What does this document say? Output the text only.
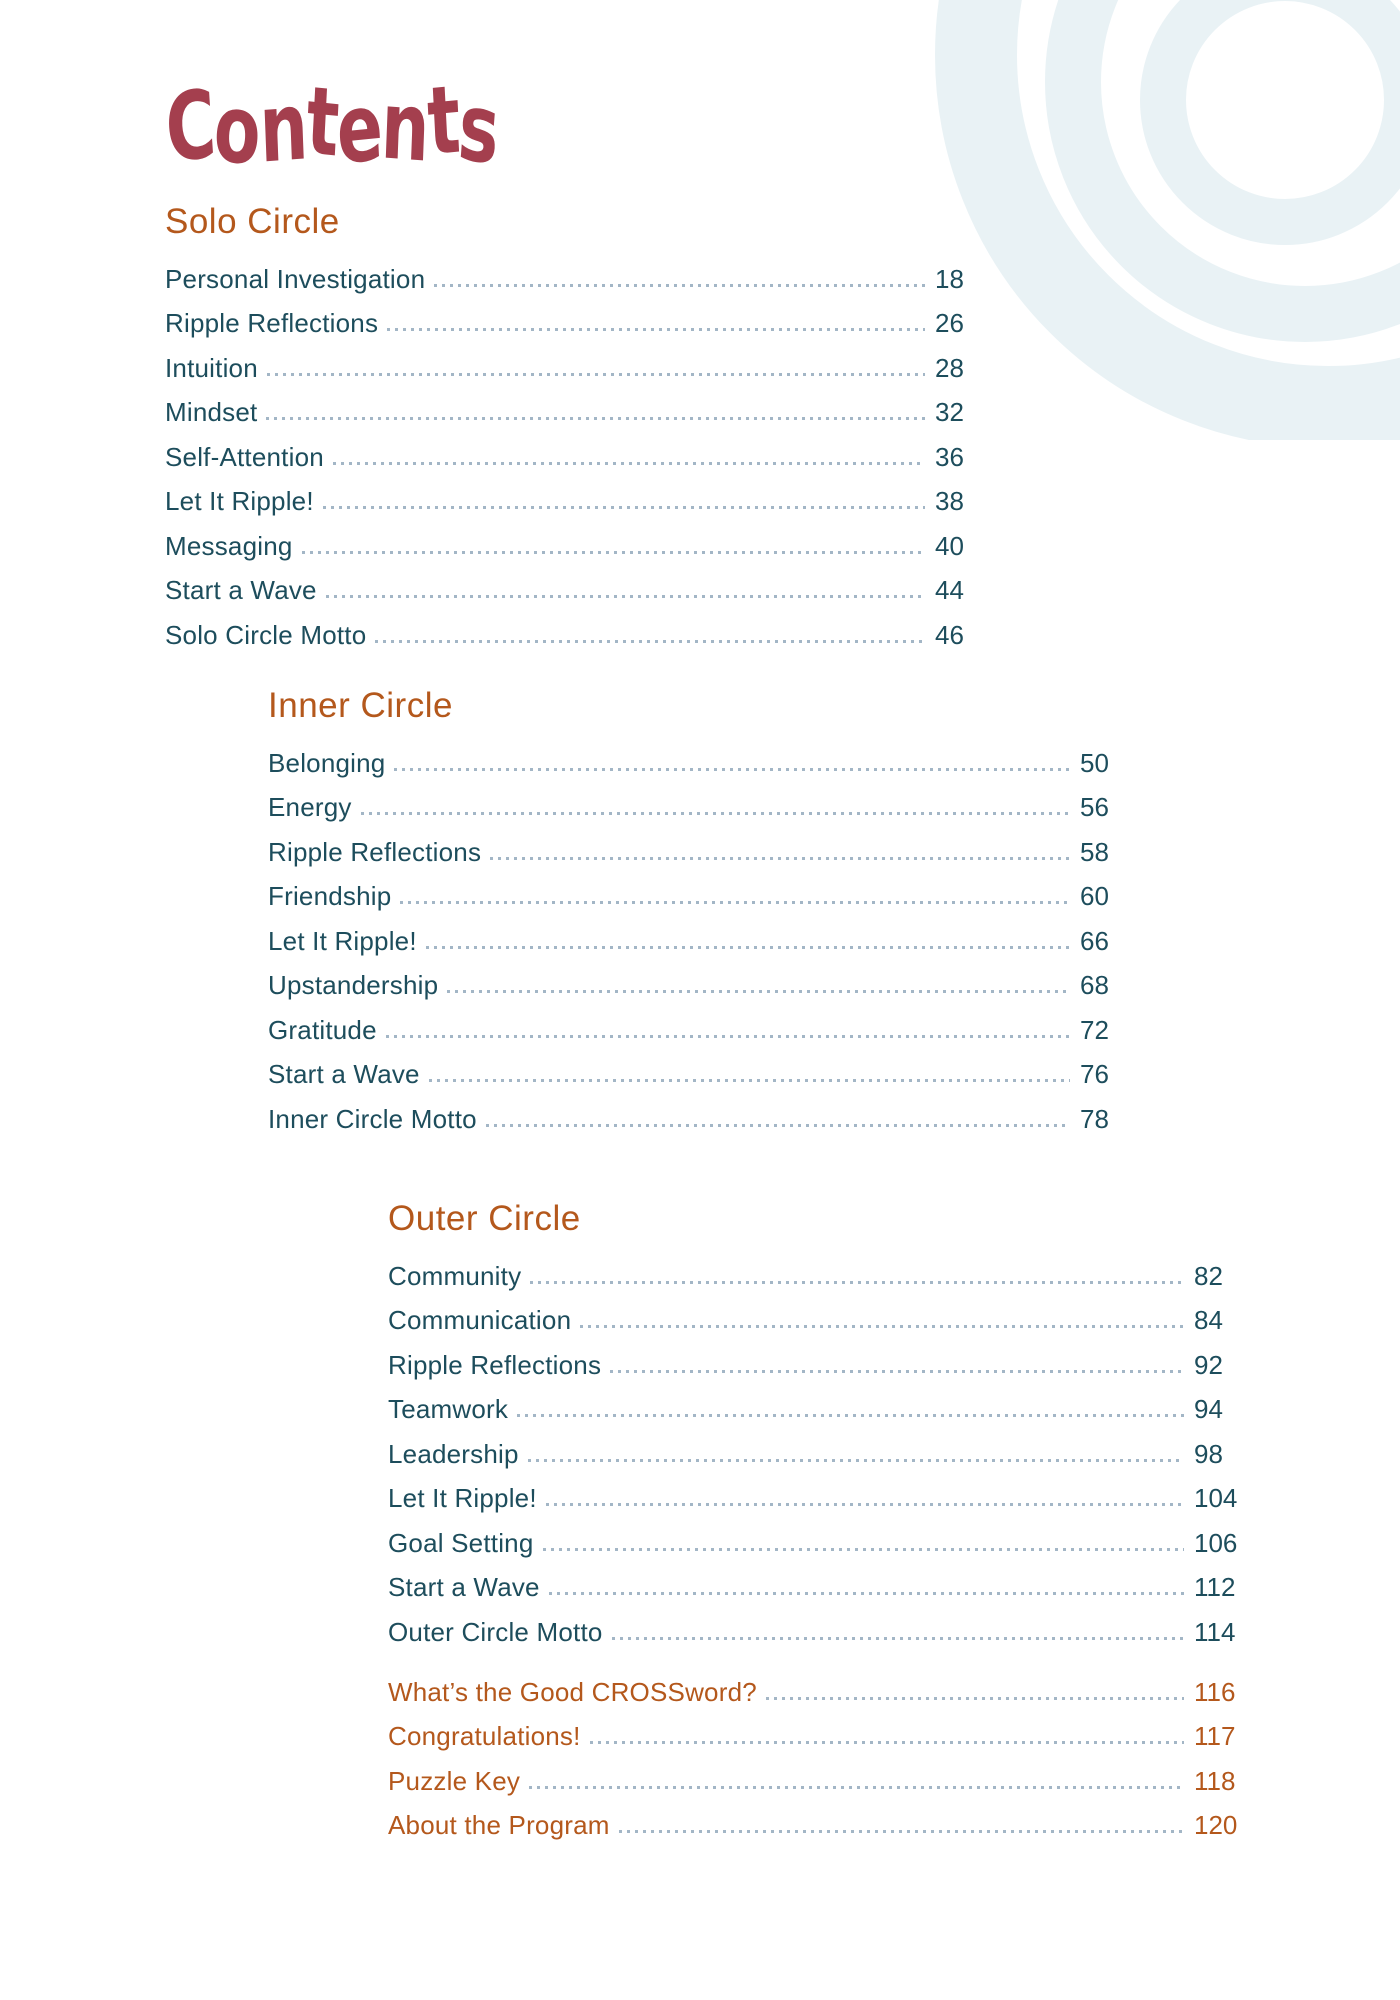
Contents
Solo Circle
Personal Investigation	18
Ripple Reflections	26
Intuition	28
Mindset	32
Self-Attention	36
Let It Ripple!	38
Messaging	40
Start a Wave	44
Solo Circle Motto	46
Inner Circle
Belonging	50
Energy	56
Ripple Reflections	58
Friendship	60
Let It Ripple!	66
Upstandership	68
Gratitude	72
Start a Wave	76
Inner Circle Motto	78
Outer Circle
Community	82
Communication	84
Ripple Reflections	92
Teamwork	94
Leadership	98
Let It Ripple!	104
Goal Setting	106
Start a Wave	112
Outer Circle Motto	114
What’s the Good CROSSword?	116
Congratulations!	117
Puzzle Key	118
About the Program	120
